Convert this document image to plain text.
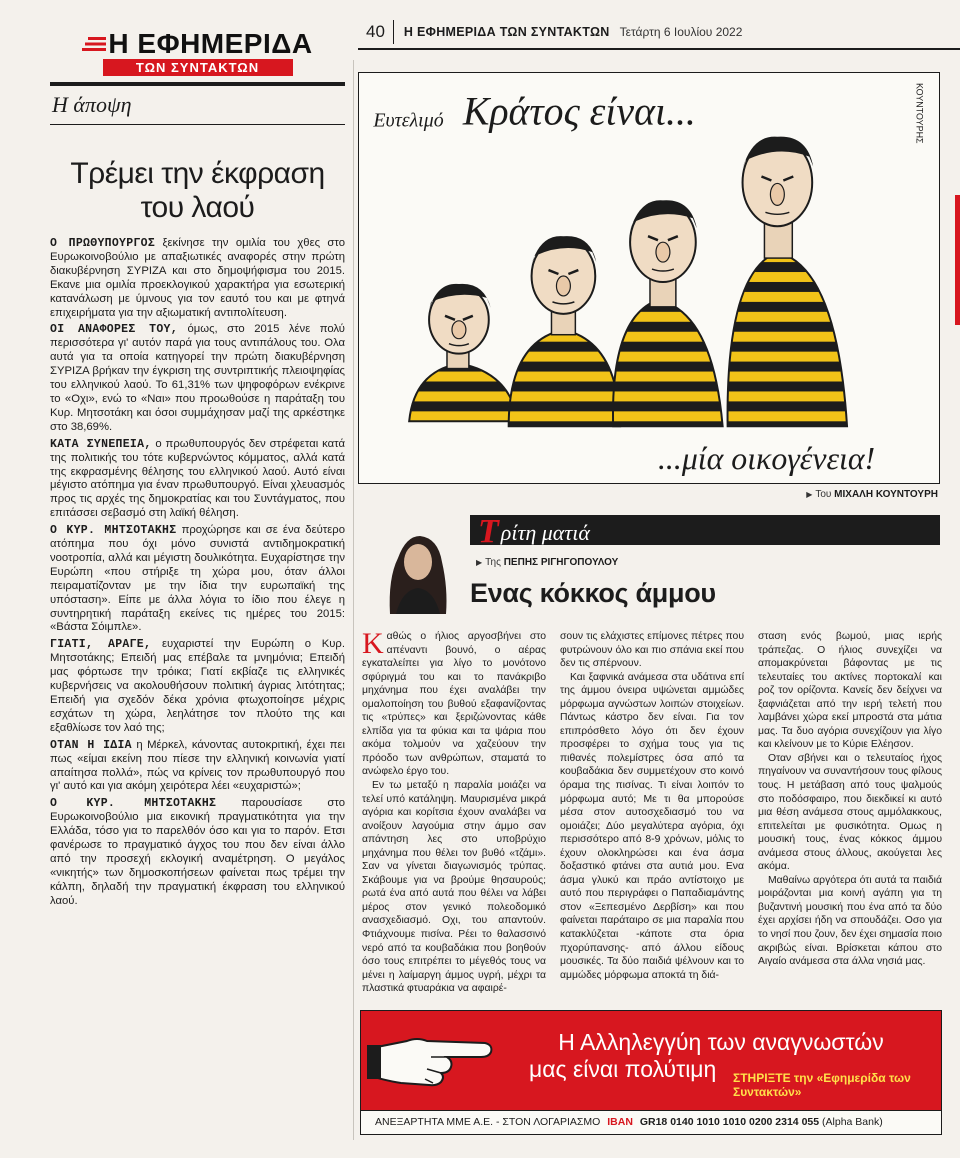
Η ΕΦΗΜΕΡΙΔΑ
ΤΩΝ ΣΥΝΤΑΚΤΩΝ
Η άποψη
Τρέμει την έκφραση του λαού

Ο ΠΡΩΘΥΠΟΥΡΓΟΣ ξεκίνησε την ομιλία του χθες στο Ευρωκοινοβούλιο με απαξιωτικές αναφορές στην πρώτη διακυβέρνηση ΣΥΡΙΖΑ και στο δημοψήφισμα του 2015. Εκανε μια ομιλία προεκλογικού χαρακτήρα για εσωτερική κατανάλωση με ύμνους για τον εαυτό του και με φτηνά επιχειρήματα για την αξιωματική αντιπολίτευση.

ΟΙ ΑΝΑΦΟΡΕΣ ΤΟΥ, όμως, στο 2015 λένε πολύ περισσότερα γι' αυτόν παρά για τους αντιπάλους του. Ολα αυτά για τα οποία κατηγορεί την πρώτη διακυβέρνηση ΣΥΡΙΖΑ βρήκαν την έγκριση της συντριπτικής πλειοψηφίας του ελληνικού λαού. Το 61,31% των ψηφοφόρων ενέκρινε το «Οχι», ενώ το «Ναι» που προωθούσε η παράταξη του Κυρ. Μητσοτάκη και όσοι συμμάχησαν μαζί της αρκέστηκε στο 38,69%.

ΚΑΤΑ ΣΥΝΕΠΕΙΑ, ο πρωθυπουργός δεν στρέφεται κατά της πολιτικής του τότε κυβερνώντος κόμματος, αλλά κατά της εκφρασμένης θέλησης του ελληνικού λαού. Αυτό είναι μέγιστο ατόπημα για έναν πρωθυπουργό. Είναι χλευασμός προς τις αρχές της δημοκρατίας και του Συντάγματος, που επιτάσσει σεβασμό στη λαϊκή θέληση.

Ο ΚΥΡ. ΜΗΤΣΟΤΑΚΗΣ προχώρησε και σε ένα δεύτερο ατόπημα που όχι μόνο συνιστά αντιδημοκρατική νοοτροπία, αλλά και μέγιστη δουλικότητα. Ευχαρίστησε την Ευρώπη «που στήριξε τη χώρα μου, όταν άλλοι πειραματίζονταν με την ίδια την ευρωπαϊκή της υπόσταση». Είπε με άλλα λόγια το ίδιο που έλεγε η συντηρητική παράταξη εκείνες τις ημέρες του 2015: «Βάστα Σόιμπλε».

ΓΙΑΤΙ, ΑΡΑΓΕ, ευχαριστεί την Ευρώπη ο Κυρ. Μητσοτάκης; Επειδή μας επέβαλε τα μνημόνια; Επειδή μας φόρτωσε την τρόικα; Γιατί εκβίαζε τις ελληνικές κυβερνήσεις να ακολουθήσουν πολιτική άγριας λιτότητας; Επειδή για σχεδόν δέκα χρόνια φτωχοποίησε μέχρις εσχάτων τη χώρα, λεηλάτησε τον πλούτο της και εξαθλίωσε τον λαό της;

ΟΤΑΝ Η ΙΔΙΑ η Μέρκελ, κάνοντας αυτοκριτική, έχει πει πως «είμαι εκείνη που πίεσε την ελληνική κοινωνία γιατί απαίτησα πολλά», πώς να κρίνεις τον πρωθυπουργό που γι' αυτό και για ακόμη χειρότερα λέει «ευχαριστώ»;

Ο ΚΥΡ. ΜΗΤΣΟΤΑΚΗΣ παρουσίασε στο Ευρωκοινοβούλιο μια εικονική πραγματικότητα για την Ελλάδα, τόσο για το παρελθόν όσο και για το παρόν. Ετσι φανέρωσε το πραγματικό άγχος του που δεν είναι άλλο από την προσεχή εκλογική αναμέτρηση. Ο μεγάλος «νικητής» των δημοσκοπήσεων φαίνεται πως τρέμει την κάλπη, δηλαδή την πραγματική έκφραση του ελληνικού λαού.

40	Η ΕΦΗΜΕΡΙΔΑ ΤΩΝ ΣΥΝΤΑΚΤΩΝ Τετάρτη 6 Ιουλίου 2022
Ευτελιμό Κράτος είναι...
...μία οικογένεια!
ΚΟΥΝΤΟΥΡΗΣ
▶ Του ΜΙΧΑΛΗ ΚΟΥΝΤΟΥΡΗ
Τρίτη ματιά
▶ Της ΠΕΠΗΣ ΡΙΓΗΓΟΠΟΥΛΟΥ
Ενας κόκκος άμμου

Καθώς ο ήλιος αργοσβήνει στο απέναντι βουνό, ο αέρας εγκαταλείπει για λίγο το μονότονο σφύριγμά του και το πανάκριβο μηχάνημα που έχει αναλάβει την ομαλοποίηση του βυθού εξαφανίζοντας τις «τρύπες» και ξεριζώνοντας κάθε ελπίδα για τα φύκια και τα ψάρια που ακόμα τολμούν να χαζεύουν την πρόοδο των ανθρώπων, σταματά το ανώφελο έργο του.

Εν τω μεταξύ η παραλία μοιάζει να τελεί υπό κατάληψη. Μαυρισμένα μικρά αγόρια και κορίτσια έχουν αναλάβει να ανοίξουν λαγούμια στην άμμο σαν απάντηση λες στο υποβρύχιο μηχάνημα που θέλει τον βυθό «τζάμι». Σαν να γίνεται διαγωνισμός τρύπας. Σκάβουμε για να βρούμε θησαυρούς; ρωτά ένα από αυτά που θέλει να λάβει μέρος στον γενικό πολεοδομικό ανασχεδιασμό. Οχι, του απαντούν. Φτιάχνουμε πισίνα. Ρέει το θαλασσινό νερό από τα κουβαδάκια που βοηθούν όσο τους επιτρέπει το μέγεθός τους να μένει η λαίμαργη άμμος υγρή, μέχρι τα πλαστικά φτυαράκια να αφαιρέ-

σουν τις ελάχιστες επίμονες πέτρες που φυτρώνουν όλο και πιο σπάνια εκεί που δεν τις σπέρνουν.

Και ξαφνικά ανάμεσα στα υδάτινα επί της άμμου όνειρα υψώνεται αμμώδες μόρφωμα αγνώστων λοιπών στοιχείων. Πάντως κάστρο δεν είναι. Για τον επιπρόσθετο λόγο ότι δεν έχουν προσφέρει το σχήμα τους για τις πιθανές πολεμίστρες όσα από τα κουβαδάκια δεν συμμετέχουν στο κοινό όραμα της πισίνας. Τι είναι λοιπόν το μόρφωμα αυτό; Με τι θα μπορούσε μέσα στον αυτοσχεδιασμό του να ομοιάζει; Δύο μεγαλύτερα αγόρια, όχι περισσότερο από 8-9 χρόνων, μόλις το έχουν ολοκληρώσει και ένα άσμα δοξαστικό φτάνει στα αυτιά μου. Ενα άσμα γλυκύ και πράο αντίστοιχο με αυτό που περιγράφει ο Παπαδιαμάντης στον «Ξεπεσμένο Δερβίση» και που φαίνεται παράταιρο σε μια παραλία που κατακλύζεται -κάποτε στα όρια πχορύπανσης- από άλλου είδους μουσικές. Τα δύο παιδιά ψέλνουν και το αμμώδες μόρφωμα αποκτά τη διά-

σταση ενός βωμού, μιας ιερής τράπεζας. Ο ήλιος συνεχίζει να απομακρύνεται βάφοντας με τις τελευταίες του ακτίνες πορτοκαλί και ροζ τον ορίζοντα. Κανείς δεν δείχνει να ξαφνιάζεται από την ιερή τελετή που λαμβάνει χώρα εκεί μπροστά στα μάτια μας. Τα δυο αγόρια συνεχίζουν για λίγο και κλείνουν με το Κύριε Ελέησον.

Οταν σβήνει και ο τελευταίος ήχος πηγαίνουν να συναντήσουν τους φίλους τους. Η μετάβαση από τους ψαλμούς στο ποδόσφαιρο, που διεκδικεί κι αυτό μια θέση ανάμεσα στους αμμόλακκους, επιτελείται με φυσικότητα. Ομως η μουσική τους, ένας κόκκος άμμου ανάμεσα στους άλλους, ακούγεται λες ακόμα.

Μαθαίνω αργότερα ότι αυτά τα παιδιά μοιράζονται μια κοινή αγάπη για τη βυζαντινή μουσική που ένα από τα δύο έχει αρχίσει ήδη να σπουδάζει. Οσο για το νησί που ζουν, δεν έχει σημασία ποιο ακριβώς είναι. Βρίσκεται κάπου στο Αιγαίο ανάμεσα στα άλλα νησιά μας.

Η Αλληλεγγύη των αναγνωστών
μας είναι πολύτιμη	ΣΤΗΡΙΞΤΕ την «Εφημερίδα των Συντακτών»
ΑΝΕΞΑΡΤΗΤΑ ΜΜΕ Α.Ε. - ΣΤΟΝ ΛΟΓΑΡΙΑΣΜΟ IBAN GR18 0140 1010 1010 0200 2314 055 (Alpha Bank)
